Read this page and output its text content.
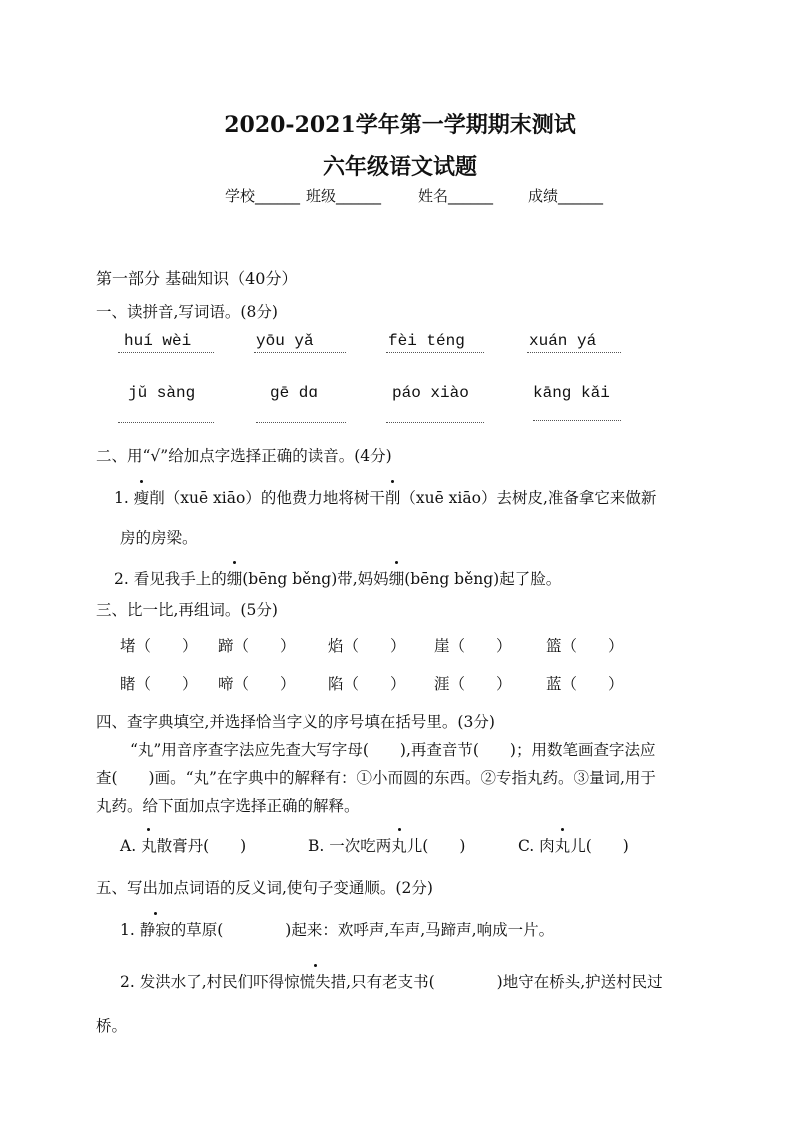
2020-2021学年第一学期期末测试
六年级语文试题
学校______ 班级______ 姓名______ 成绩______
第一部分 基础知识（40分）
一、读拼音,写词语。(8分)
huí wèi	yōu yǎ	fèi téng	xuán yá
jǔ sàng	gē dɑ	páo xiào	kāng kǎi
二、用“√”给加点字选择正确的读音。(4分)
1. 瘦削（xuē xiāo）的他费力地将树干削（xuē xiāo）去树皮,准备拿它来做新
房的房梁。
2. 看见我手上的绷(bēng běng)带,妈妈绷(bēng běng)起了脸。
三、比一比,再组词。(5分)
堵（　　） 蹄（　　） 焰（　　） 崖（　　） 篮（　　）
睹（　　） 啼（　　） 陷（　　） 涯（　　） 蓝（　　）
四、查字典填空,并选择恰当字义的序号填在括号里。(3分)
“丸”用音序查字法应先查大写字母(　　),再查音节(　　)；用数笔画查字法应
查(　　)画。“丸”在字典中的解释有：①小而圆的东西。②专指丸药。③量词,用于
丸药。给下面加点字选择正确的解释。
A. 丸散膏丹(　　)	B. 一次吃两丸儿(　　)	C. 肉丸儿(　　)
五、写出加点词语的反义词,使句子变通顺。(2分)
1. 静寂的草原(　　　　)起来：欢呼声,车声,马蹄声,响成一片。
2. 发洪水了,村民们吓得惊慌失措,只有老支书(　　　　)地守在桥头,护送村民过
桥。
